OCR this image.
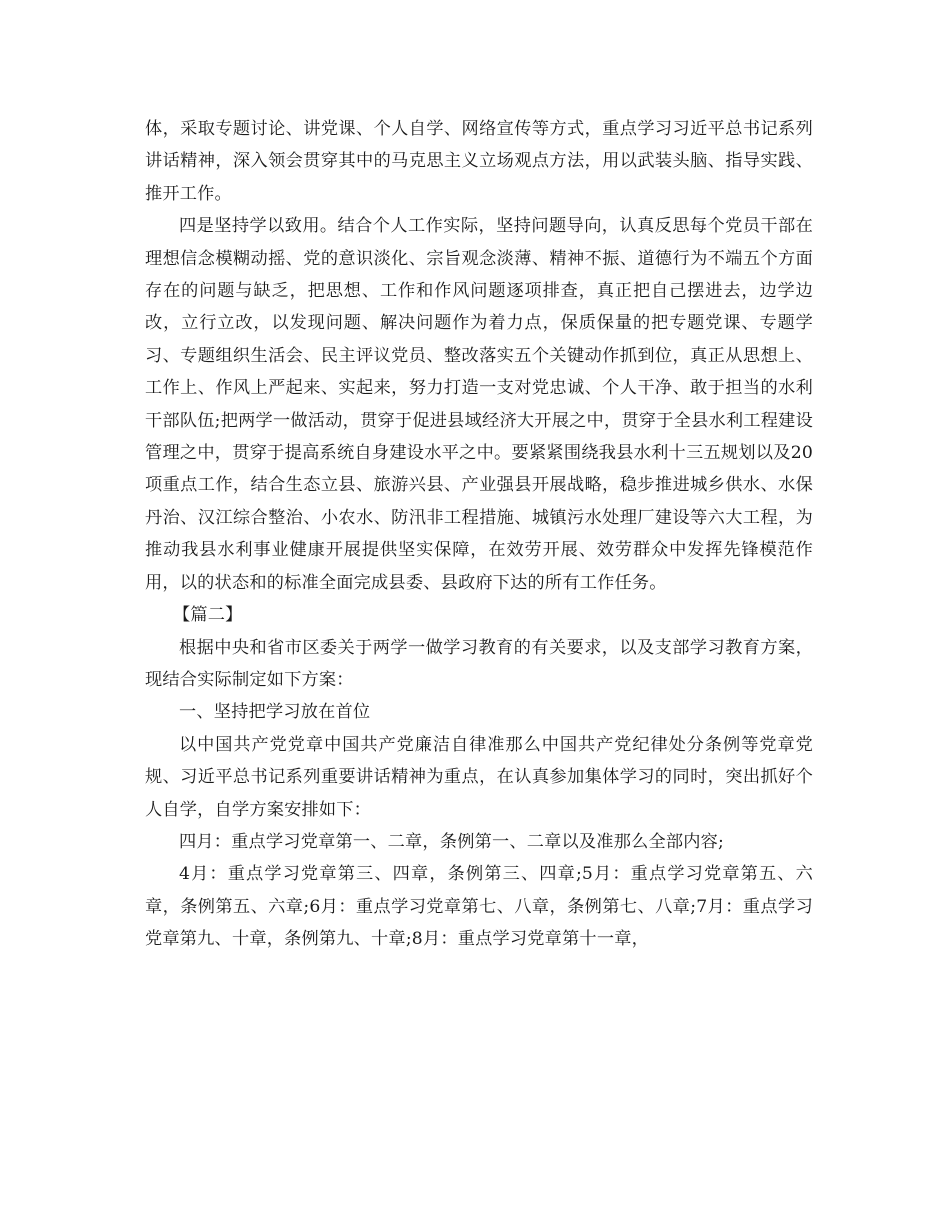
体，采取专题讨论、讲党课、个人自学、网络宣传等方式，重点学习习近平总书记系列讲话精神，深入领会贯穿其中的马克思主义立场观点方法，用以武装头脑、指导实践、推开工作。

四是坚持学以致用。结合个人工作实际，坚持问题导向，认真反思每个党员干部在理想信念模糊动摇、党的意识淡化、宗旨观念淡薄、精神不振、道德行为不端五个方面存在的问题与缺乏，把思想、工作和作风问题逐项排查，真正把自己摆进去，边学边改，立行立改，以发现问题、解决问题作为着力点，保质保量的把专题党课、专题学习、专题组织生活会、民主评议党员、整改落实五个关键动作抓到位，真正从思想上、工作上、作风上严起来、实起来，努力打造一支对党忠诚、个人干净、敢于担当的水利干部队伍;把两学一做活动，贯穿于促进县域经济大开展之中，贯穿于全县水利工程建设管理之中，贯穿于提高系统自身建设水平之中。要紧紧围绕我县水利十三五规划以及20项重点工作，结合生态立县、旅游兴县、产业强县开展战略，稳步推进城乡供水、水保丹治、汉江综合整治、小农水、防汛非工程措施、城镇污水处理厂建设等六大工程，为推动我县水利事业健康开展提供坚实保障，在效劳开展、效劳群众中发挥先锋模范作用，以的状态和的标准全面完成县委、县政府下达的所有工作任务。

【篇二】

根据中央和省市区委关于两学一做学习教育的有关要求，以及支部学习教育方案，现结合实际制定如下方案：

一、坚持把学习放在首位

以中国共产党党章中国共产党廉洁自律准那么中国共产党纪律处分条例等党章党规、习近平总书记系列重要讲话精神为重点，在认真参加集体学习的同时，突出抓好个人自学，自学方案安排如下：

四月：重点学习党章第一、二章，条例第一、二章以及准那么全部内容;

4月：重点学习党章第三、四章，条例第三、四章;5月：重点学习党章第五、六章，条例第五、六章;6月：重点学习党章第七、八章，条例第七、八章;7月：重点学习党章第九、十章，条例第九、十章;8月：重点学习党章第十一章，
